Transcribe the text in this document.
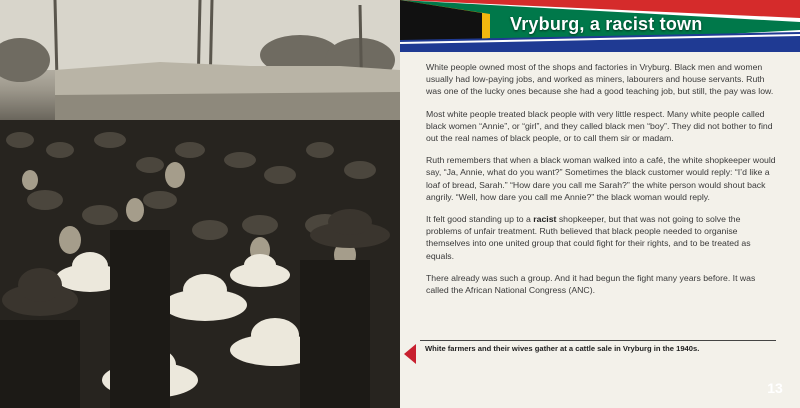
Vryburg, a racist town

White people owned most of the shops and factories in Vryburg. Black men and women usually had low-paying jobs, and worked as miners, labourers and house servants. Ruth was one of the lucky ones because she had a good teaching job, but still, the pay was low.

Most white people treated black people with very little respect. Many white people called black women “Annie”, or “girl”, and they called black men “boy”. They did not bother to find out the real names of black people, or to call them sir or madam.

Ruth remembers that when a black woman walked into a café, the white shopkeeper would say, “Ja, Annie, what do you want?” Sometimes the black customer would reply: “I’d like a loaf of bread, Sarah.” “How dare you call me Sarah?” the white person would shout back angrily. “Well, how dare you call me Annie?” the black woman would reply.

It felt good standing up to a racist shopkeeper, but that was not going to solve the problems of unfair treatment. Ruth believed that black people needed to organise themselves into one united group that could fight for their rights, and to be treated as equals.

There already was such a group. And it had begun the fight many years before. It was called the African National Congress (ANC).

White farmers and their wives gather at a cattle sale in Vryburg in the 1940s.
13
